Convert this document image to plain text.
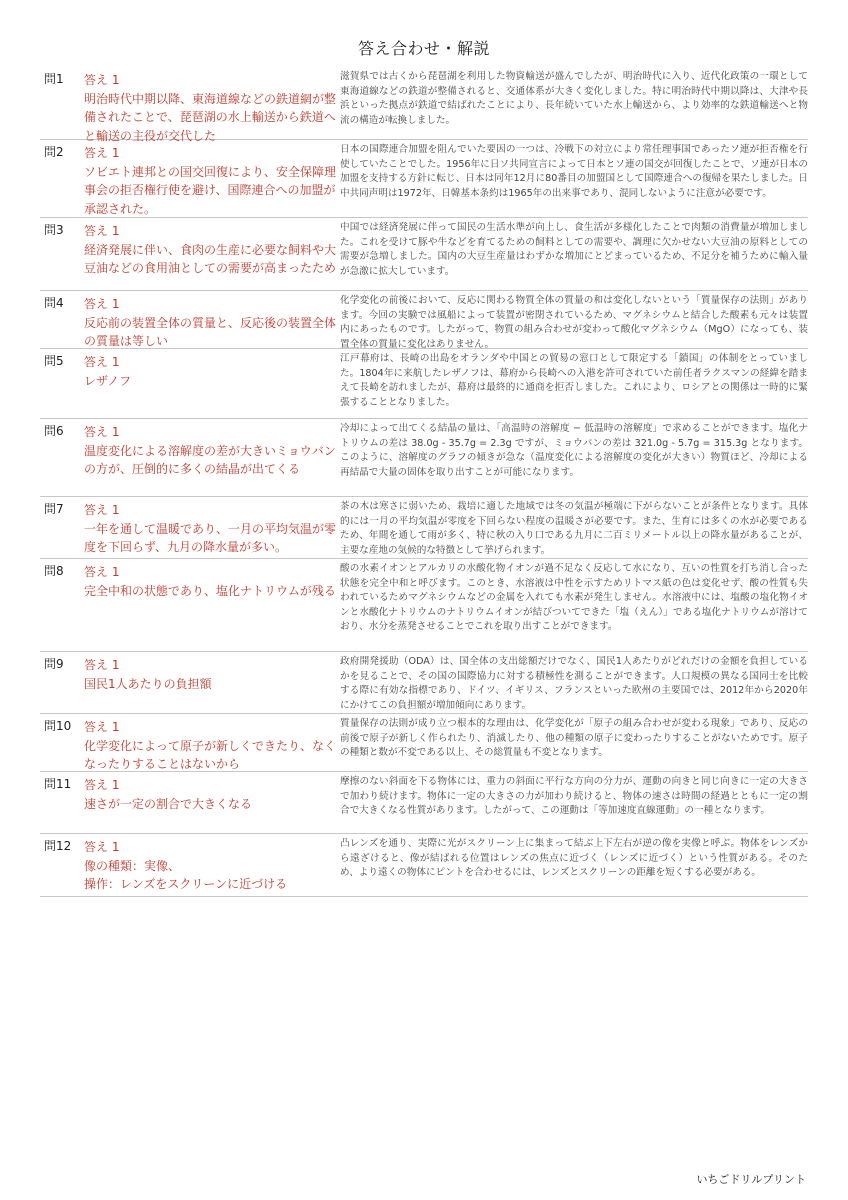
答え合わせ・解説
問1	答え 1
明治時代中期以降、東海道線などの鉄道網が整備されたことで、琵琶湖の水上輸送から鉄道へと輸送の主役が交代した
滋賀県では古くから琵琶湖を利用した物資輸送が盛んでしたが、明治時代に入り、近代化政策の一環として東海道線などの鉄道が整備されると、交通体系が大きく変化しました。特に明治時代中期以降は、大津や長浜といった拠点が鉄道で結ばれたことにより、長年続いていた水上輸送から、より効率的な鉄道輸送へと物流の構造が転換しました。
問2	答え 1
ソビエト連邦との国交回復により、安全保障理事会の拒否権行使を避け、国際連合への加盟が承認された。
日本の国際連合加盟を阻んでいた要因の一つは、冷戦下の対立により常任理事国であったソ連が拒否権を行使していたことでした。1956年に日ソ共同宣言によって日本とソ連の国交が回復したことで、ソ連が日本の加盟を支持する方針に転じ、日本は同年12月に80番目の加盟国として国際連合への復帰を果たしました。日中共同声明は1972年、日韓基本条約は1965年の出来事であり、混同しないように注意が必要です。
問3	答え 1
経済発展に伴い、食肉の生産に必要な飼料や大豆油などの食用油としての需要が高まったため
中国では経済発展に伴って国民の生活水準が向上し、食生活が多様化したことで肉類の消費量が増加しました。これを受けて豚や牛などを育てるための飼料としての需要や、調理に欠かせない大豆油の原料としての需要が急増しました。国内の大豆生産量はわずかな増加にとどまっているため、不足分を補うために輸入量が急激に拡大しています。
問4	答え 1
反応前の装置全体の質量と、反応後の装置全体の質量は等しい
化学変化の前後において、反応に関わる物質全体の質量の和は変化しないという「質量保存の法則」があります。今回の実験では風船によって装置が密閉されているため、マグネシウムと結合した酸素も元々は装置内にあったものです。したがって、物質の組み合わせが変わって酸化マグネシウム（MgO）になっても、装置全体の質量に変化はありません。
問5	答え 1
レザノフ
江戸幕府は、長崎の出島をオランダや中国との貿易の窓口として限定する「鎖国」の体制をとっていました。1804年に来航したレザノフは、幕府から長崎への入港を許可されていた前任者ラクスマンの経緯を踏まえて長崎を訪れましたが、幕府は最終的に通商を拒否しました。これにより、ロシアとの関係は一時的に緊張することとなりました。
問6	答え 1
温度変化による溶解度の差が大きいミョウバンの方が、圧倒的に多くの結晶が出てくる
冷却によって出てくる結晶の量は、「高温時の溶解度 − 低温時の溶解度」で求めることができます。塩化ナトリウムの差は 38.0g - 35.7g = 2.3g ですが、ミョウバンの差は 321.0g - 5.7g = 315.3g となります。このように、溶解度のグラフの傾きが急な（温度変化による溶解度の変化が大きい）物質ほど、冷却による再結晶で大量の固体を取り出すことが可能になります。
問7	答え 1
一年を通して温暖であり、一月の平均気温が零度を下回らず、九月の降水量が多い。
茶の木は寒さに弱いため、栽培に適した地域では冬の気温が極端に下がらないことが条件となります。具体的には一月の平均気温が零度を下回らない程度の温暖さが必要です。また、生育には多くの水が必要であるため、年間を通して雨が多く、特に秋の入り口である九月に二百ミリメートル以上の降水量があることが、主要な産地の気候的な特徴として挙げられます。
問8	答え 1
完全中和の状態であり、塩化ナトリウムが残る
酸の水素イオンとアルカリの水酸化物イオンが過不足なく反応して水になり、互いの性質を打ち消し合った状態を完全中和と呼びます。このとき、水溶液は中性を示すためリトマス紙の色は変化せず、酸の性質も失われているためマグネシウムなどの金属を入れても水素が発生しません。水溶液中には、塩酸の塩化物イオンと水酸化ナトリウムのナトリウムイオンが結びついてできた「塩（えん）」である塩化ナトリウムが溶けており、水分を蒸発させることでこれを取り出すことができます。
問9	答え 1
国民1人あたりの負担額
政府開発援助（ODA）は、国全体の支出総額だけでなく、国民1人あたりがどれだけの金額を負担しているかを見ることで、その国の国際協力に対する積極性を測ることができます。人口規模の異なる国同士を比較する際に有効な指標であり、ドイツ、イギリス、フランスといった欧州の主要国では、2012年から2020年にかけてこの負担額が増加傾向にあります。
問10	答え 1
化学変化によって原子が新しくできたり、なくなったりすることはないから
質量保存の法則が成り立つ根本的な理由は、化学変化が「原子の組み合わせが変わる現象」であり、反応の前後で原子が新しく作られたり、消滅したり、他の種類の原子に変わったりすることがないためです。原子の種類と数が不変である以上、その総質量も不変となります。
問11	答え 1
速さが一定の割合で大きくなる
摩擦のない斜面を下る物体には、重力の斜面に平行な方向の分力が、運動の向きと同じ向きに一定の大きさで加わり続けます。物体に一定の大きさの力が加わり続けると、物体の速さは時間の経過とともに一定の割合で大きくなる性質があります。したがって、この運動は「等加速度直線運動」の一種となります。
問12	答え 1
像の種類：実像、
操作：レンズをスクリーンに近づける
凸レンズを通り、実際に光がスクリーン上に集まって結ぶ上下左右が逆の像を実像と呼ぶ。物体をレンズから遠ざけると、像が結ばれる位置はレンズの焦点に近づく（レンズに近づく）という性質がある。そのため、より遠くの物体にピントを合わせるには、レンズとスクリーンの距離を短くする必要がある。
いちごドリルプリント
